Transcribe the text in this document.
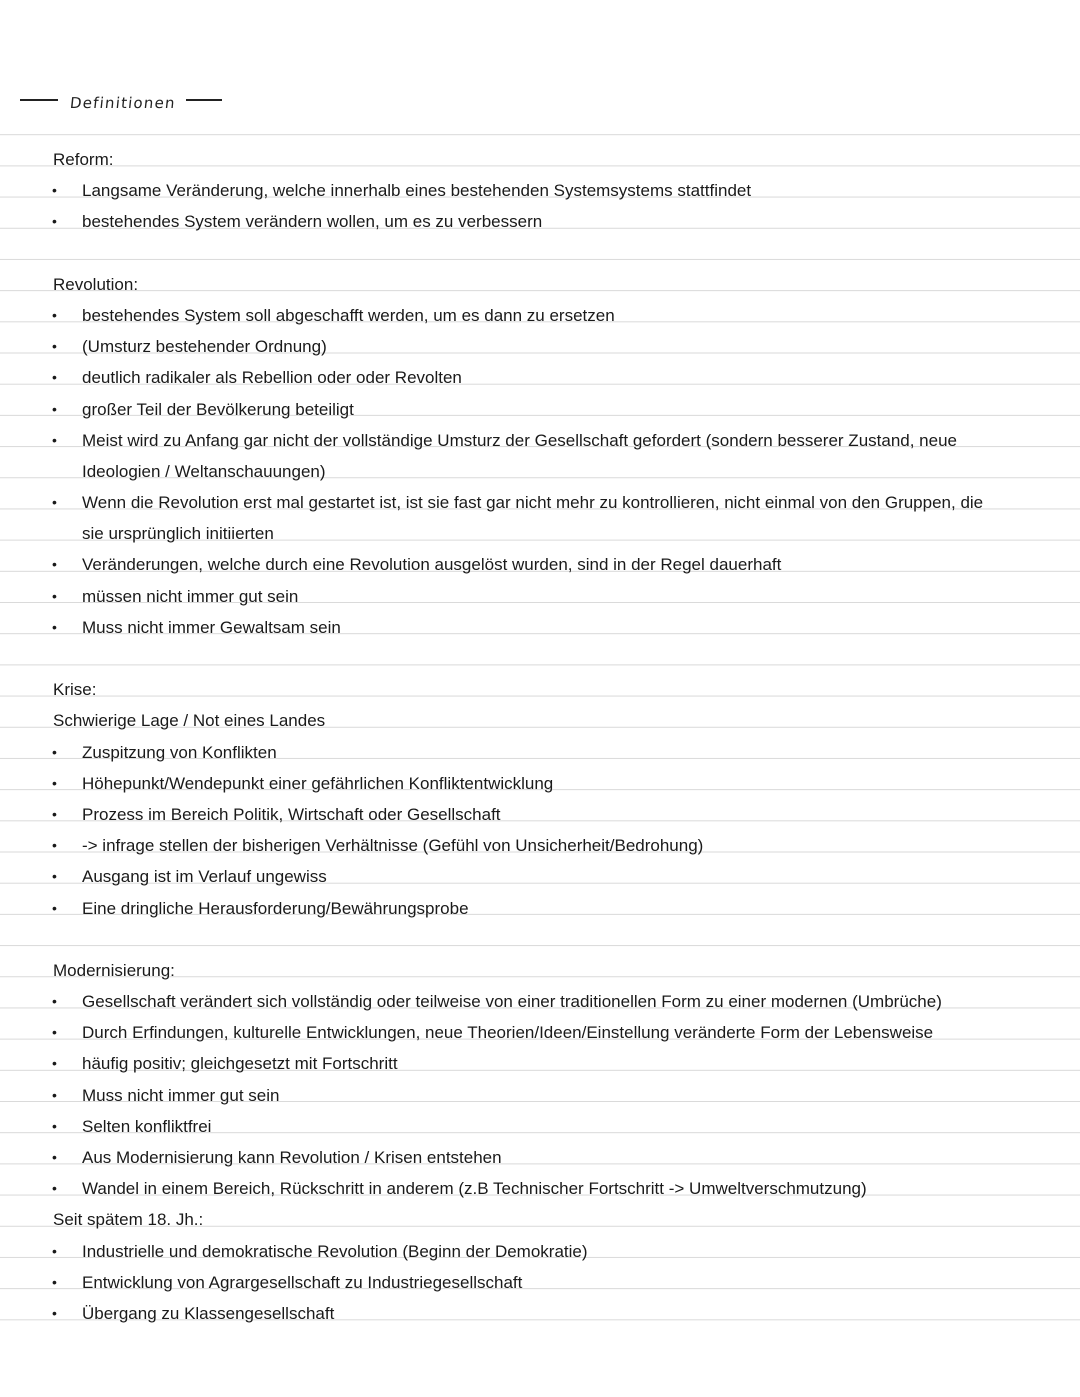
Definitionen
Reform:
• Langsame Veränderung, welche innerhalb eines bestehenden Systemsystems stattfindet
• bestehendes System verändern wollen, um es zu verbessern
Revolution:
• bestehendes System soll abgeschafft werden, um es dann zu ersetzen
• (Umsturz bestehender Ordnung)
• deutlich radikaler als Rebellion oder oder Revolten
• großer Teil der Bevölkerung beteiligt
• Meist wird zu Anfang gar nicht der vollständige Umsturz der Gesellschaft gefordert (sondern besserer Zustand, neue
Ideologien / Weltanschauungen)
• Wenn die Revolution erst mal gestartet ist, ist sie fast gar nicht mehr zu kontrollieren, nicht einmal von den Gruppen, die
sie ursprünglich initiierten
• Veränderungen, welche durch eine Revolution ausgelöst wurden, sind in der Regel dauerhaft
• müssen nicht immer gut sein
• Muss nicht immer Gewaltsam sein
Krise:
Schwierige Lage / Not eines Landes
• Zuspitzung von Konflikten
• Höhepunkt/Wendepunkt einer gefährlichen Konfliktentwicklung
• Prozess im Bereich Politik, Wirtschaft oder Gesellschaft
• -> infrage stellen der bisherigen Verhältnisse (Gefühl von Unsicherheit/Bedrohung)
• Ausgang ist im Verlauf ungewiss
• Eine dringliche Herausforderung/Bewährungsprobe
Modernisierung:
• Gesellschaft verändert sich vollständig oder teilweise von einer traditionellen Form zu einer modernen (Umbrüche)
• Durch Erfindungen, kulturelle Entwicklungen, neue Theorien/Ideen/Einstellung veränderte Form der Lebensweise
• häufig positiv; gleichgesetzt mit Fortschritt
• Muss nicht immer gut sein
• Selten konfliktfrei
• Aus Modernisierung kann Revolution / Krisen entstehen
• Wandel in einem Bereich, Rückschritt in anderem (z.B Technischer Fortschritt -> Umweltverschmutzung)
Seit spätem 18. Jh.:
• Industrielle und demokratische Revolution (Beginn der Demokratie)
• Entwicklung von Agrargesellschaft zu Industriegesellschaft
• Übergang zu Klassengesellschaft
